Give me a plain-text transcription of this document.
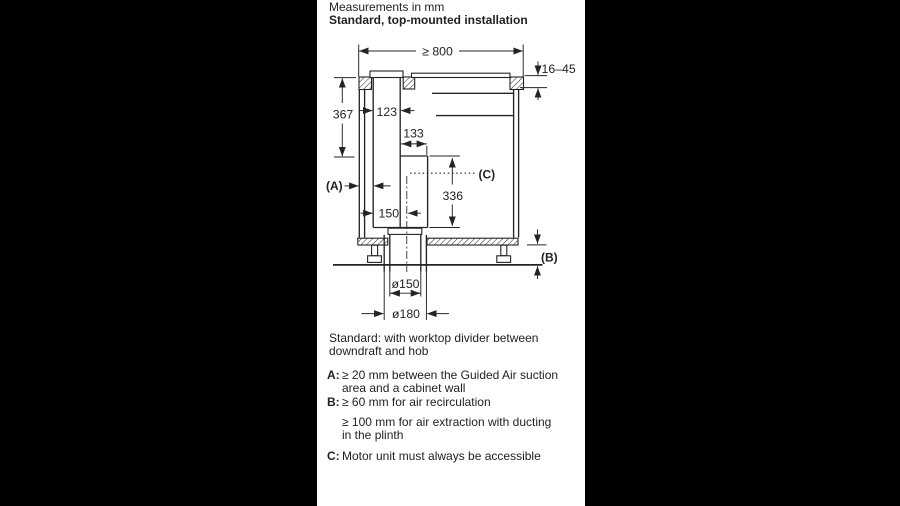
Measurements in mm
Standard, top-mounted installation
≥ 800
16–45
367
(A)
123
133
(C)
336
150
(B)
ø150
ø180
Standard: with worktop divider between
downdraft and hob
A: ≥ 20 mm between the Guided Air suction
area and a cabinet wall
B: ≥ 60 mm for air recirculation
≥ 100 mm for air extraction with ducting
in the plinth
C: Motor unit must always be accessible
